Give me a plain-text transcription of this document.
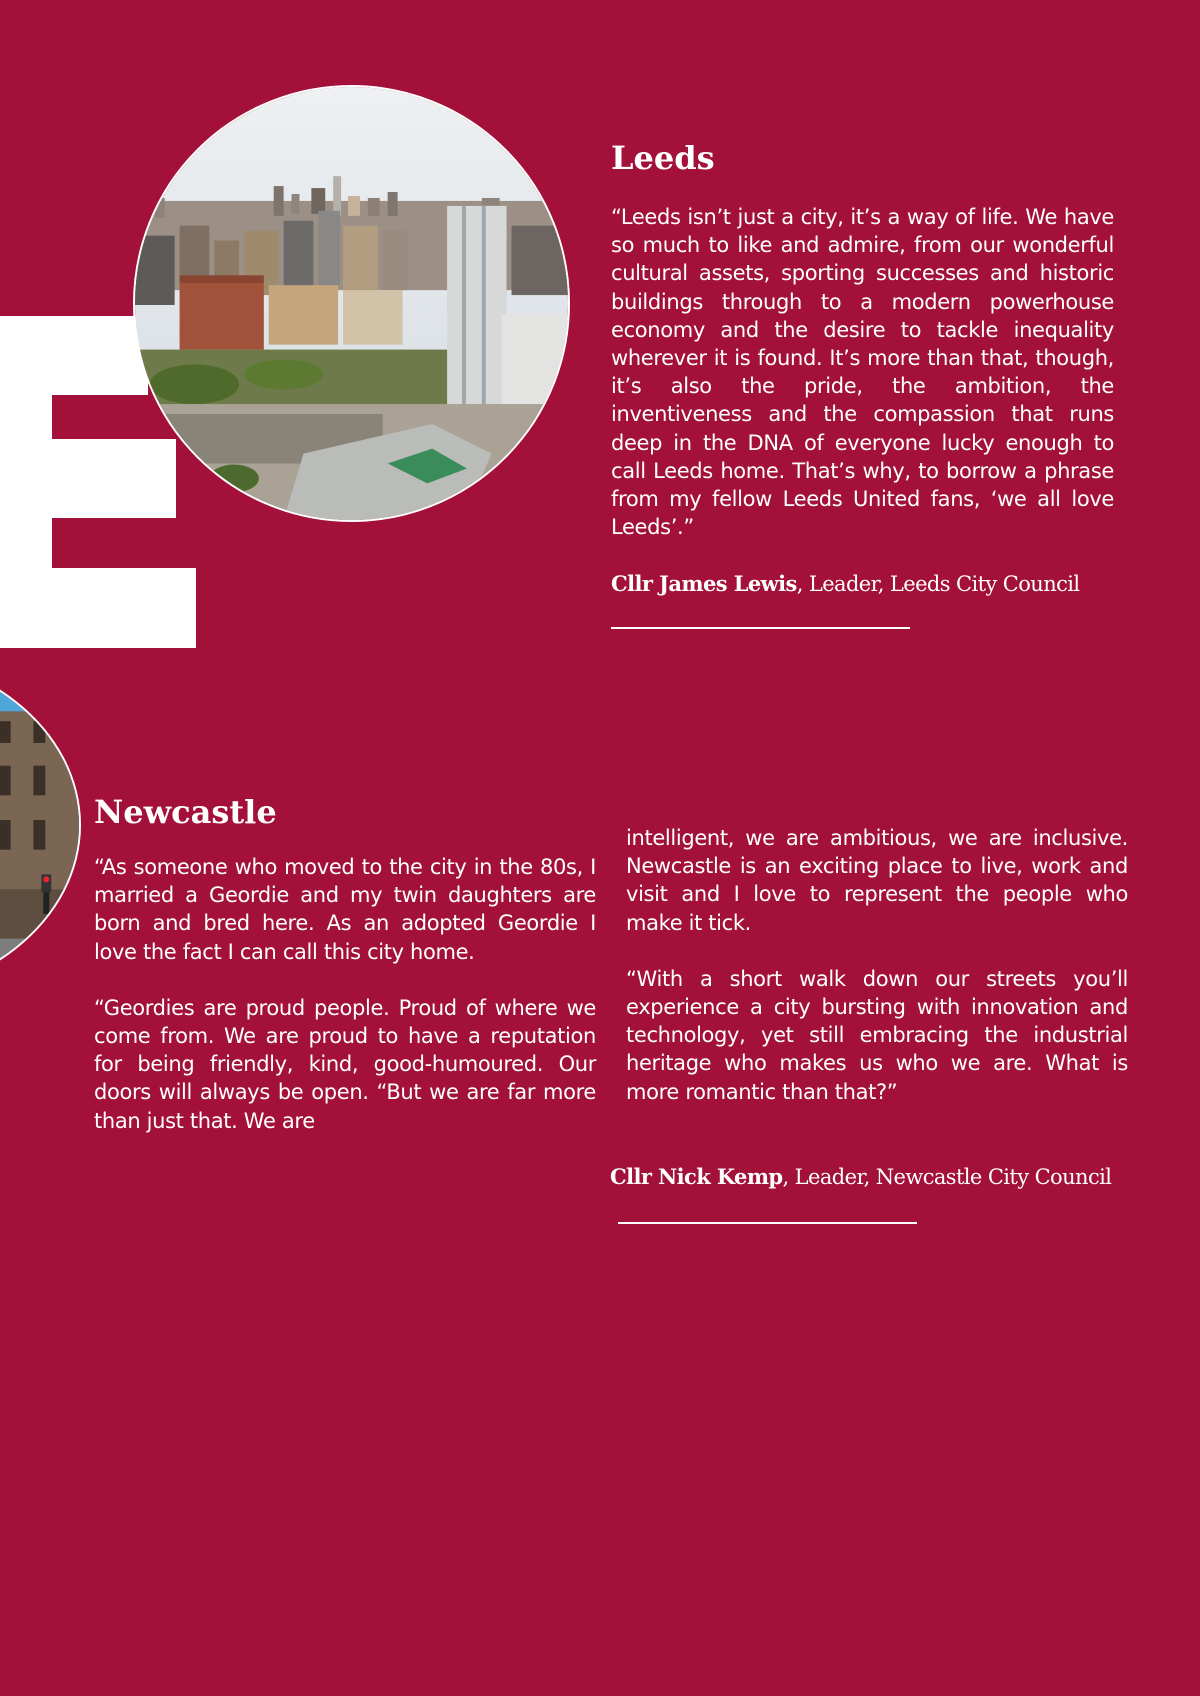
Leeds

“Leeds isn’t just a city, it’s a way of life. We have so much to like and admire, from our wonderful cultural assets, sporting successes and historic buildings through to a modern powerhouse economy and the desire to tackle inequality wherever it is found. It’s more than that, though, it’s also the pride, the ambition, the inventiveness and the compassion that runs deep in the DNA of everyone lucky enough to call Leeds home. That’s why, to borrow a phrase from my fellow Leeds United fans, ‘we all love Leeds’.”

Cllr James Lewis, Leader, Leeds City Council
Newcastle

“As someone who moved to the city in the 80s, I married a Geordie and my twin daughters are born and bred here. As an adopted Geordie I love the fact I can call this city home.

“Geordies are proud people. Proud of where we come from. We are proud to have a reputation for being friendly, kind, good-humoured. Our doors will always be open. “But we are far more than just that. We are

intelligent, we are ambitious, we are inclusive. Newcastle is an exciting place to live, work and visit and I love to represent the people who make it tick.

“With a short walk down our streets you’ll experience a city bursting with innovation and technology, yet still embracing the industrial heritage who makes us who we are. What is more romantic than that?”

Cllr Nick Kemp, Leader, Newcastle City Council
